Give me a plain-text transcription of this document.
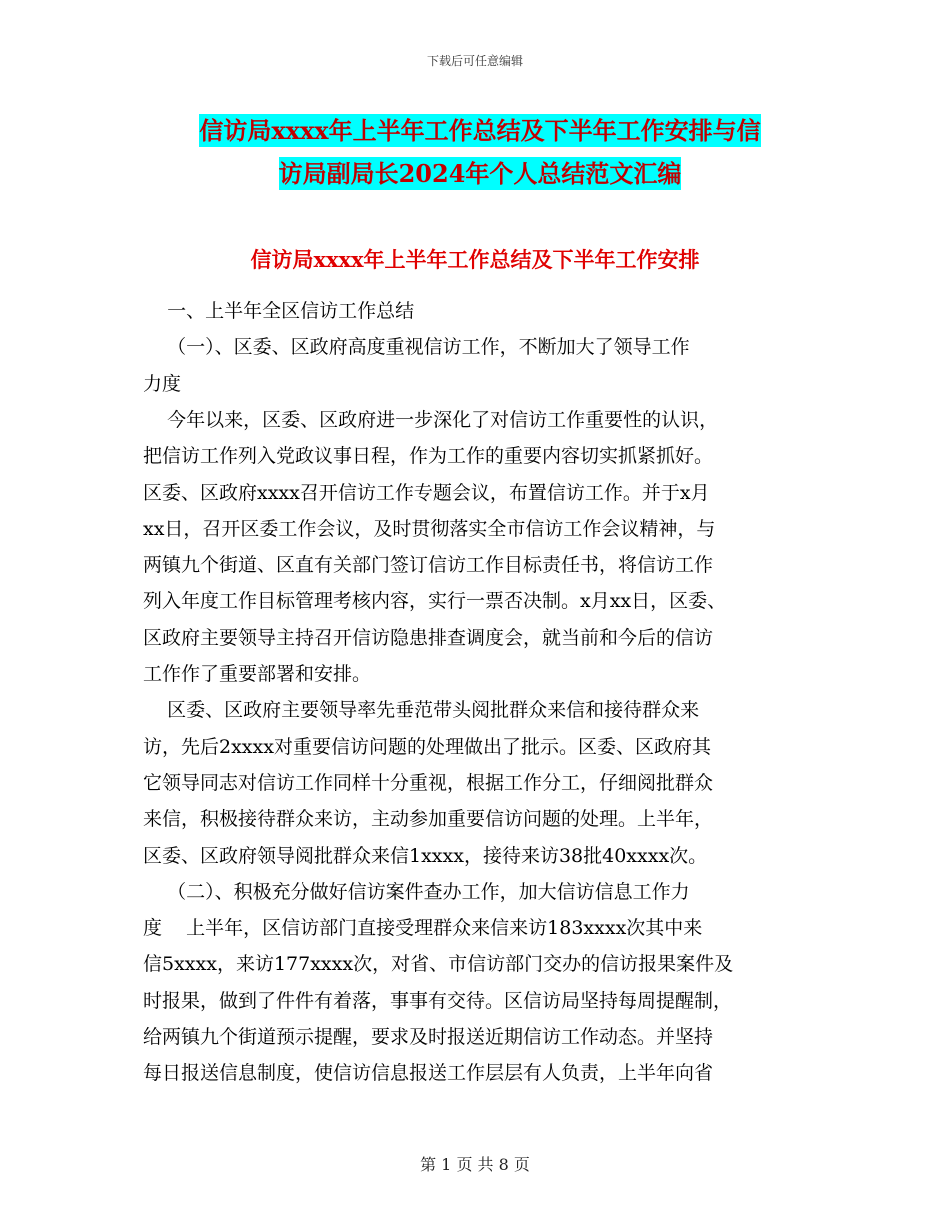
下载后可任意编辑
信访局xxxx年上半年工作总结及下半年工作安排与信
访局副局长2024年个人总结范文汇编
信访局xxxx年上半年工作总结及下半年工作安排
一、上半年全区信访工作总结
（一）、区委、区政府高度重视信访工作，不断加大了领导工作
力度
今年以来，区委、区政府进一步深化了对信访工作重要性的认识，
把信访工作列入党政议事日程，作为工作的重要内容切实抓紧抓好。
区委、区政府xxxx召开信访工作专题会议，布置信访工作。并于x月
xx日，召开区委工作会议，及时贯彻落实全市信访工作会议精神，与
两镇九个街道、区直有关部门签订信访工作目标责任书，将信访工作
列入年度工作目标管理考核内容，实行一票否决制。x月xx日，区委、
区政府主要领导主持召开信访隐患排查调度会，就当前和今后的信访
工作作了重要部署和安排。
区委、区政府主要领导率先垂范带头阅批群众来信和接待群众来
访，先后2xxxx对重要信访问题的处理做出了批示。区委、区政府其
它领导同志对信访工作同样十分重视，根据工作分工，仔细阅批群众
来信，积极接待群众来访，主动参加重要信访问题的处理。上半年，
区委、区政府领导阅批群众来信1xxxx，接待来访38批40xxxx次。
（二）、积极充分做好信访案件查办工作，加大信访信息工作力
度    上半年，区信访部门直接受理群众来信来访183xxxx次其中来
信5xxxx，来访177xxxx次，对省、市信访部门交办的信访报果案件及
时报果，做到了件件有着落，事事有交待。区信访局坚持每周提醒制，
给两镇九个街道预示提醒，要求及时报送近期信访工作动态。并坚持
每日报送信息制度，使信访信息报送工作层层有人负责，上半年向省
第 1 页 共 8 页
